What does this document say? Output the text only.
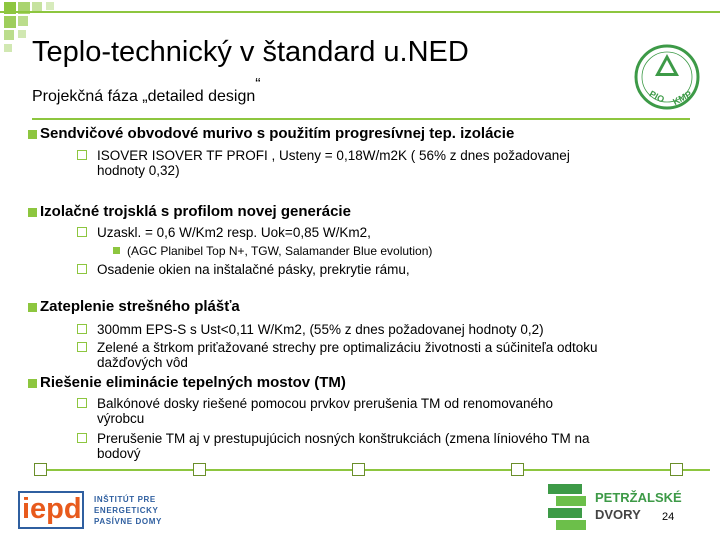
Teplo-technický v štandard u.NED
Projekčná fáza „detailed design“
PIO KMP
Sendvičové obvodové murivo s použitím progresívnej tep. izolácie
ISOVER ISOVER TF PROFI , Usteny = 0,18W/m2K ( 56% z dnes požadovanej
hodnoty 0,32)
Izolačné trojsklá s profilom novej generácie
Uzaskl. = 0,6 W/Km2 resp. Uok=0,85 W/Km2,
(AGC Planibel Top N+, TGW, Salamander Blue evolution)
Osadenie okien na inštalačné pásky, prekrytie rámu,
Zateplenie strešného plášťa
300mm EPS-S s Ust<0,11 W/Km2, (55% z dnes požadovanej hodnoty 0,2)
Zelené a štrkom priťažované strechy pre optimalizáciu životnosti a súčiniteľa odtoku
dažďových vôd
Riešenie eliminácie tepelných mostov (TM)
Balkónové dosky riešené pomocou prvkov prerušenia TM od renomovaného
výrobcu
Prerušenie TM aj v prestupujúcich nosných konštrukciách (zmena líniového TM na
bodový
iepd INŠTITÚT PRE
ENERGETICKY
PASÍVNE DOMY
PETRŽALSKÉ
DVORY 24
